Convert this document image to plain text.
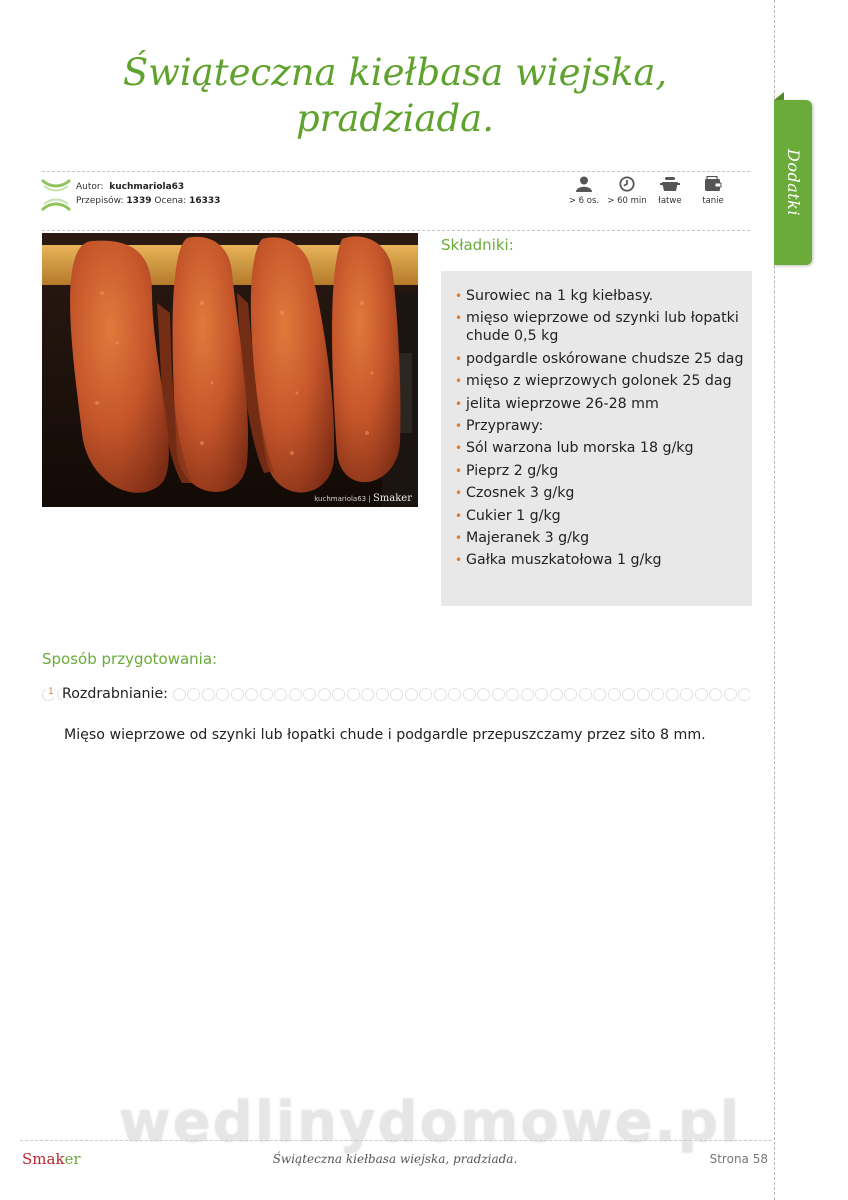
Dodatki
Świąteczna kiełbasa wiejska,
pradziada.
Autor: kuchmariola63
Przepisów: 1339 Ocena: 16333	> 6 os. > 60 min	łatwe	tanie
kuchmariola63 | Smaker
Składniki:
• Surowiec na 1 kg kiełbasy.
• mięso wieprzowe od szynki lub łopatki chude 0,5 kg
• podgardle oskórowane chudsze 25 dag
• mięso z wieprzowych golonek 25 dag
• jelita wieprzowe 26-28 mm
• Przyprawy:
• Sól warzona lub morska 18 g/kg
• Pieprz 2 g/kg
• Czosnek 3 g/kg
• Cukier 1 g/kg
• Majeranek 3 g/kg
• Gałka muszkatołowa 1 g/kg
Sposób przygotowania:
1 Rozdrabnianie:

Mięso wieprzowe od szynki lub łopatki chude i podgardle przepuszczamy przez sito 8 mm.

wedlinydomowe.pl
Smaker	Świąteczna kiełbasa wiejska, pradziada.	Strona 58
